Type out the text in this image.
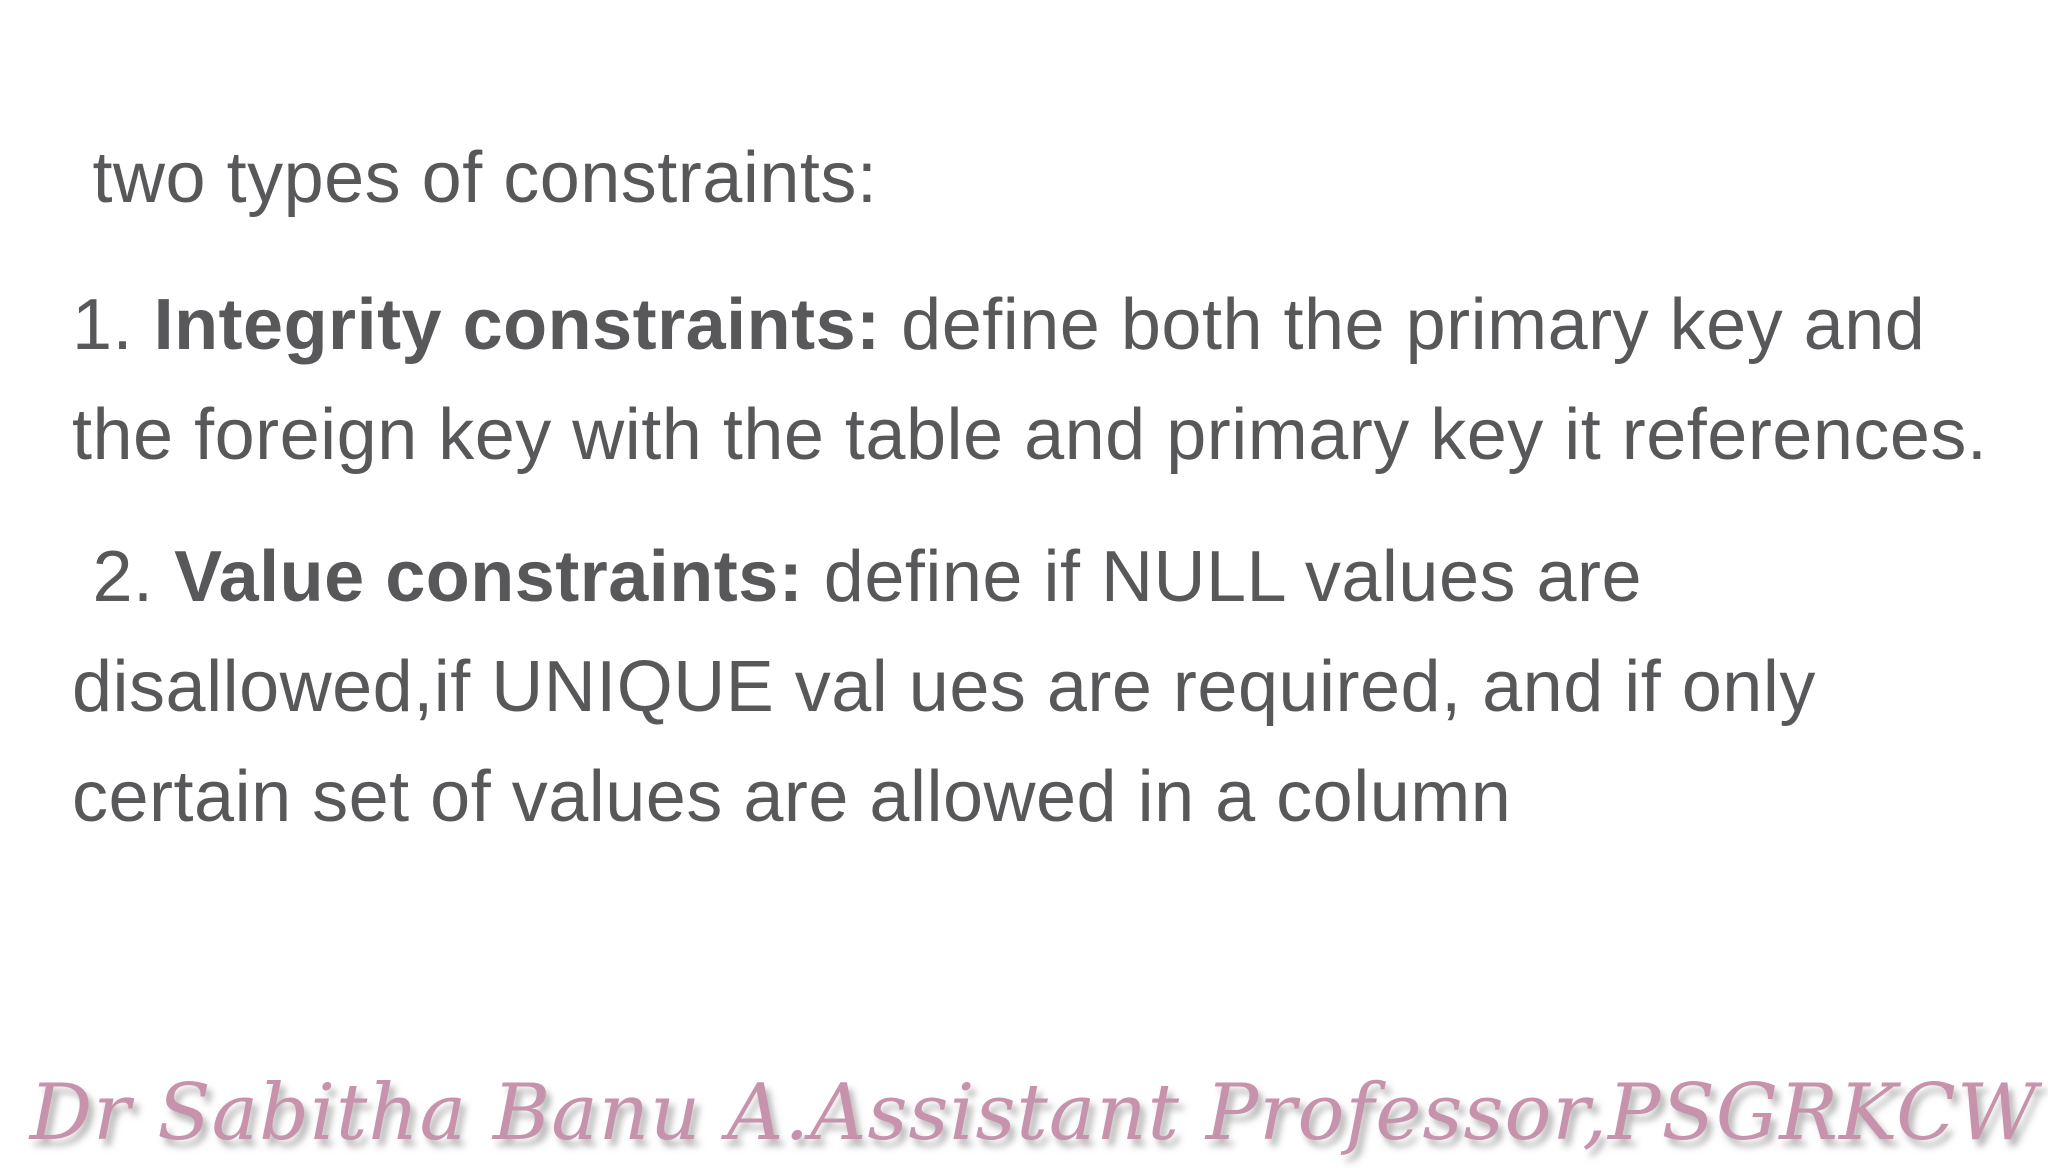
two types of constraints:

1. Integrity constraints: define both the primary key and the foreign key with the table and primary key it references.

2. Value constraints: define if NULL values are disallowed,if UNIQUE val ues are required, and if only certain set of values are allowed in a column

Dr Sabitha Banu A.Assistant Professor,PSGRKCW
